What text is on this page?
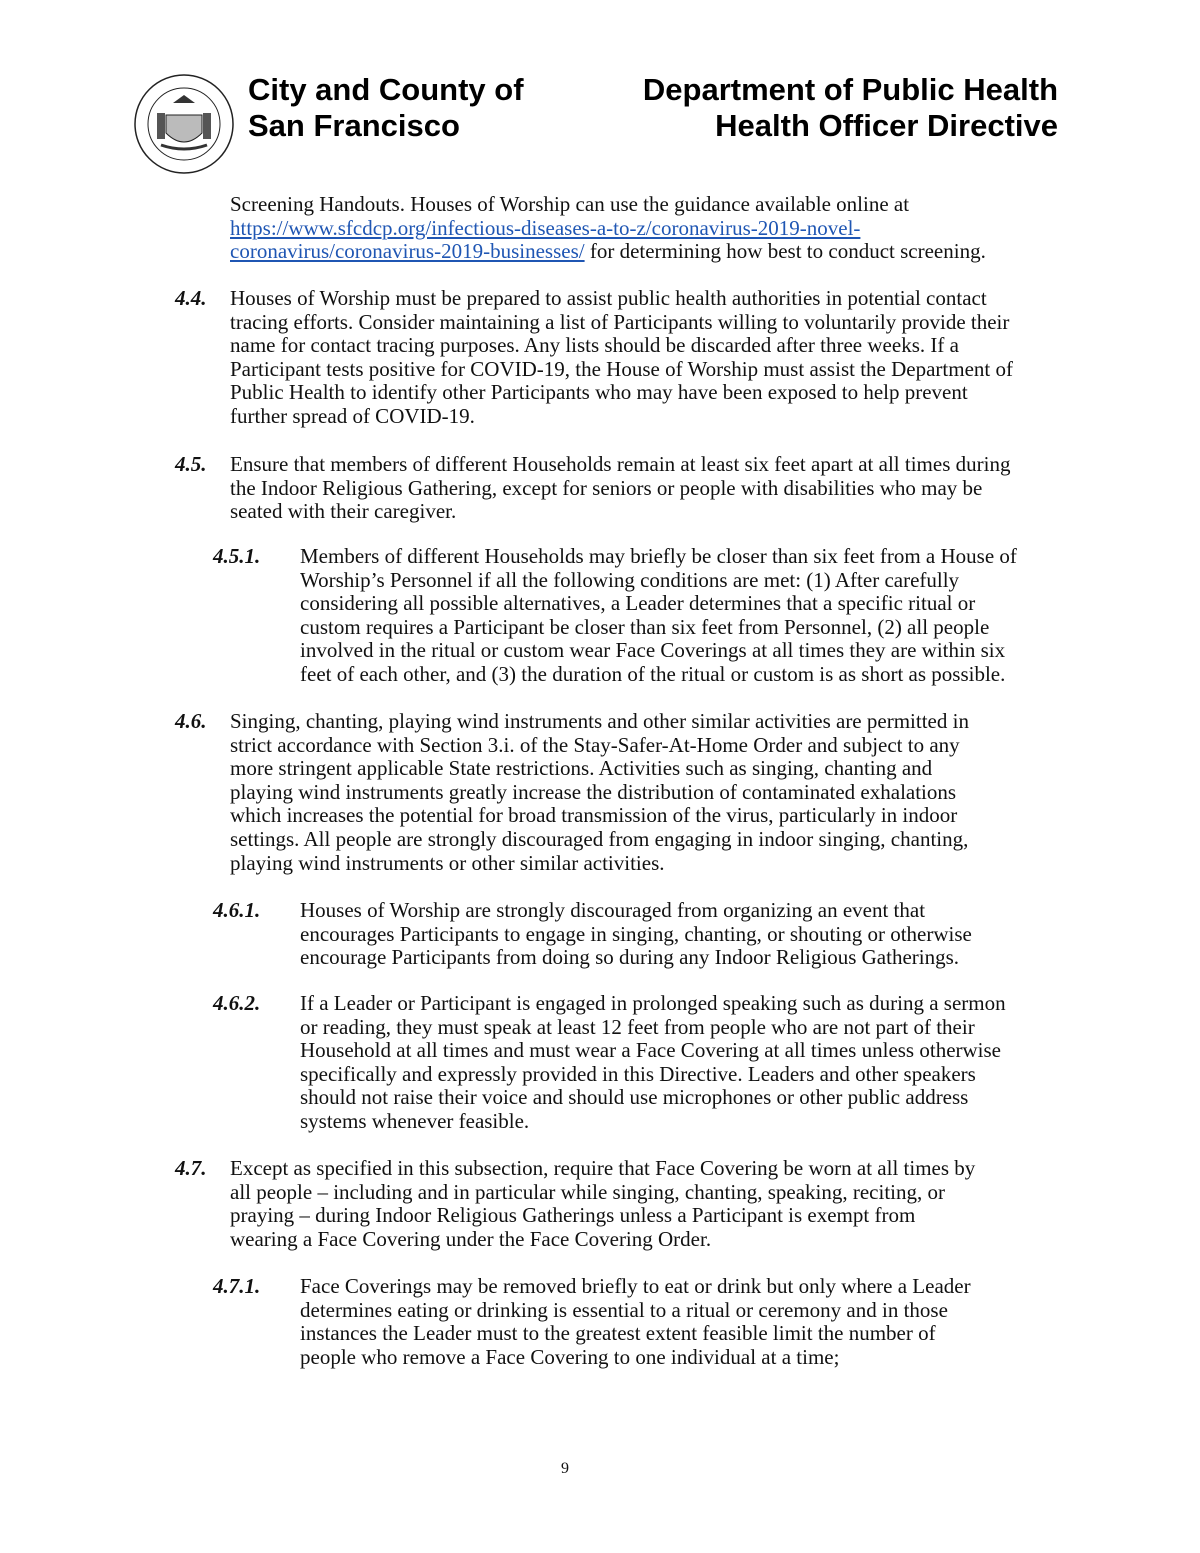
City and County of
San Francisco
Department of Public Health
Health Officer Directive
Screening Handouts. Houses of Worship can use the guidance available online at
https://www.sfcdcp.org/infectious-diseases-a-to-z/coronavirus-2019-novel-
coronavirus/coronavirus-2019-businesses/ for determining how best to conduct screening.
4.4. Houses of Worship must be prepared to assist public health authorities in potential contact
tracing efforts. Consider maintaining a list of Participants willing to voluntarily provide their
name for contact tracing purposes. Any lists should be discarded after three weeks. If a
Participant tests positive for COVID-19, the House of Worship must assist the Department of
Public Health to identify other Participants who may have been exposed to help prevent
further spread of COVID-19.
4.5. Ensure that members of different Households remain at least six feet apart at all times during
the Indoor Religious Gathering, except for seniors or people with disabilities who may be
seated with their caregiver.
4.5.1. Members of different Households may briefly be closer than six feet from a House of
Worship’s Personnel if all the following conditions are met: (1) After carefully
considering all possible alternatives, a Leader determines that a specific ritual or
custom requires a Participant be closer than six feet from Personnel, (2) all people
involved in the ritual or custom wear Face Coverings at all times they are within six
feet of each other, and (3) the duration of the ritual or custom is as short as possible.
4.6. Singing, chanting, playing wind instruments and other similar activities are permitted in
strict accordance with Section 3.i. of the Stay-Safer-At-Home Order and subject to any
more stringent applicable State restrictions. Activities such as singing, chanting and
playing wind instruments greatly increase the distribution of contaminated exhalations
which increases the potential for broad transmission of the virus, particularly in indoor
settings. All people are strongly discouraged from engaging in indoor singing, chanting,
playing wind instruments or other similar activities.
4.6.1. Houses of Worship are strongly discouraged from organizing an event that
encourages Participants to engage in singing, chanting, or shouting or otherwise
encourage Participants from doing so during any Indoor Religious Gatherings.
4.6.2. If a Leader or Participant is engaged in prolonged speaking such as during a sermon
or reading, they must speak at least 12 feet from people who are not part of their
Household at all times and must wear a Face Covering at all times unless otherwise
specifically and expressly provided in this Directive. Leaders and other speakers
should not raise their voice and should use microphones or other public address
systems whenever feasible.
4.7. Except as specified in this subsection, require that Face Covering be worn at all times by
all people – including and in particular while singing, chanting, speaking, reciting, or
praying – during Indoor Religious Gatherings unless a Participant is exempt from
wearing a Face Covering under the Face Covering Order.
4.7.1. Face Coverings may be removed briefly to eat or drink but only where a Leader
determines eating or drinking is essential to a ritual or ceremony and in those
instances the Leader must to the greatest extent feasible limit the number of
people who remove a Face Covering to one individual at a time;
9
